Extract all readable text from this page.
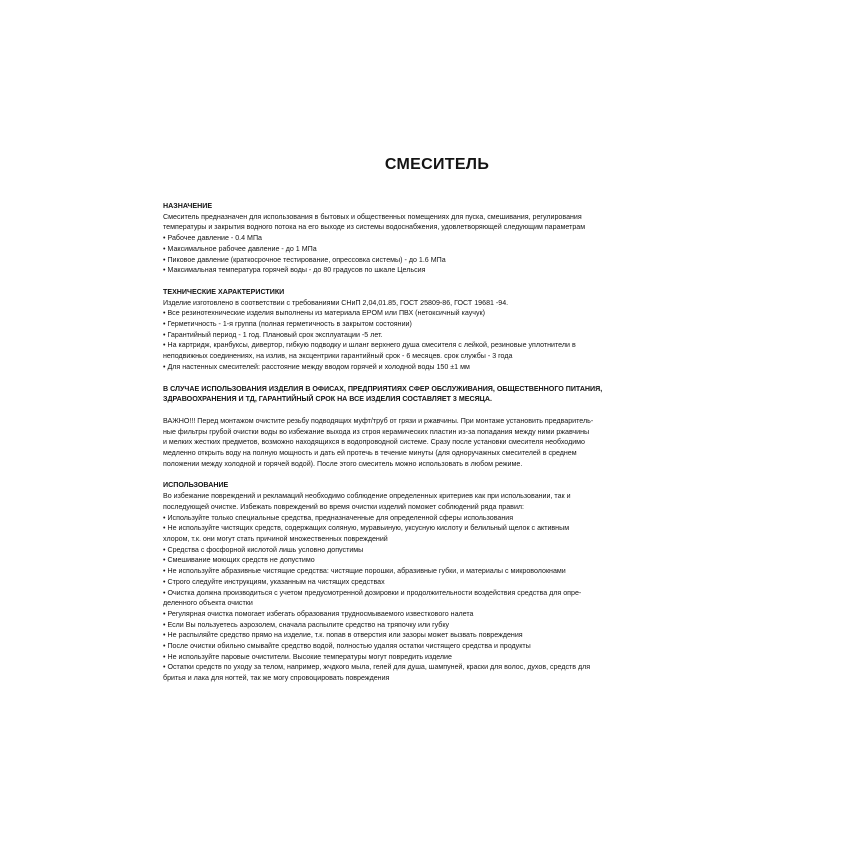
СМЕСИТЕЛЬ
НАЗНАЧЕНИЕ
Смеситель предназначен для использования в бытовых и общественных помещениях для пуска, смешивания, регулирования
температуры и закрытия водного потока на его выходе из системы водоснабжения, удовлетворяющей следующим параметрам
• Рабочее давление - 0.4 МПа
• Максимальное рабочее давление - до 1 МПа
• Пиковое давление (краткосрочное тестирование, опрессовка системы) - до 1.6 МПа
• Максимальная температура горячей воды - до 80 градусов по шкале Цельсия
ТЕХНИЧЕСКИЕ ХАРАКТЕРИСТИКИ
Изделие изготовлено в соответствии с требованиями СНиП 2,04,01.85, ГОСТ 25809-86, ГОСТ 19681 -94.
• Все резинотехнические изделия выполнены из материала EPOM или ПВХ (нетоксичный каучук)
• Герметичность - 1-я группа (полная герметичность в закрытом состоянии)
• Гарантийный период - 1 год. Плановый срок эксплуатации -5 лет.
• На картридж, кранбуксы, дивертор, гибкую подводку и шланг верхнего душа смесителя с лейкой, резиновые уплотнители в
неподвижных соединениях, на излив, на эксцентрики гарантийный срок - 6 месяцев. срок службы - 3 года
• Для настенных смесителей: расстояние между вводом горячей и холодной воды 150 ±1 мм
В СЛУЧАЕ ИСПОЛЬЗОВАНИЯ ИЗДЕЛИЯ В ОФИСАХ, ПРЕДПРИЯТИЯХ СФЕР ОБСЛУЖИВАНИЯ, ОБЩЕСТВЕННОГО ПИТАНИЯ,
ЗДРАВООХРАНЕНИЯ И ТД, ГАРАНТИЙНЫЙ СРОК НА ВСЕ ИЗДЕЛИЯ СОСТАВЛЯЕТ 3 МЕСЯЦА.
ВАЖНО!!! Перед монтажом очистите резьбу подводящих муфт/труб от грязи и ржавчины. При монтаже установить предваритель-
ные фильтры грубой очистки воды во избежание выхода из строя керамических пластин из-за попадания между ними ржавчины
и мелких жестких предметов, возможно находящихся в водопроводной системе. Сразу после установки смесителя необходимо
медленно открыть воду на полную мощность и дать ей протечь в течение минуты (для одноручажных смесителей в среднем
положении между холодной и горячей водой). После этого смеситель можно использовать в любом режиме.
ИСПОЛЬЗОВАНИЕ
Во избежание повреждений и рекламаций необходимо соблюдение определенных критериев как при использовании, так и
последующей очистке. Избежать повреждений во время очистки изделий поможет соблюдений ряда правил:
• Используйте только специальные средства, предназначенные для определенной сферы использования
• Не используйте чистящих средств, содержащих соляную, муравьиную, уксусную кислоту и белильный щелок с активным
хлором, т.к. они могут стать причиной множественных повреждений
• Средства с фосфорной кислотой лишь условно допустимы
• Смешивание моющих средств не допустимо
• Не используйте абразивные чистящие средства: чистящие порошки, абразивные губки, и материалы с микроволокнами
• Строго следуйте инструкциям, указанным на чистящих средствах
• Очистка должна производиться с учетом предусмотренной дозировки и продолжительности воздействия средства для опре-
деленного объекта очистки
• Регулярная очистка помогает избегать образования трудносмываемого известкового налета
• Если Вы пользуетесь аэрозолем, сначала распылите средство на тряпочку или губку
• Не распыляйте средство прямо на изделие, т.к. попав в отверстия или зазоры может вызвать повреждения
• После очистки обильно смывайте средство водой, полностью удаляя остатки чистящего средства и продукты
• Не используйте паровые очистители. Высокие температуры могут повредить изделие
• Остатки средств по уходу за телом, например, жчдкого мыла, гелей для душа, шампуней, краски для волос, духов, средств для
бритья и лака для ногтей, так же могу спровоцировать повреждения
